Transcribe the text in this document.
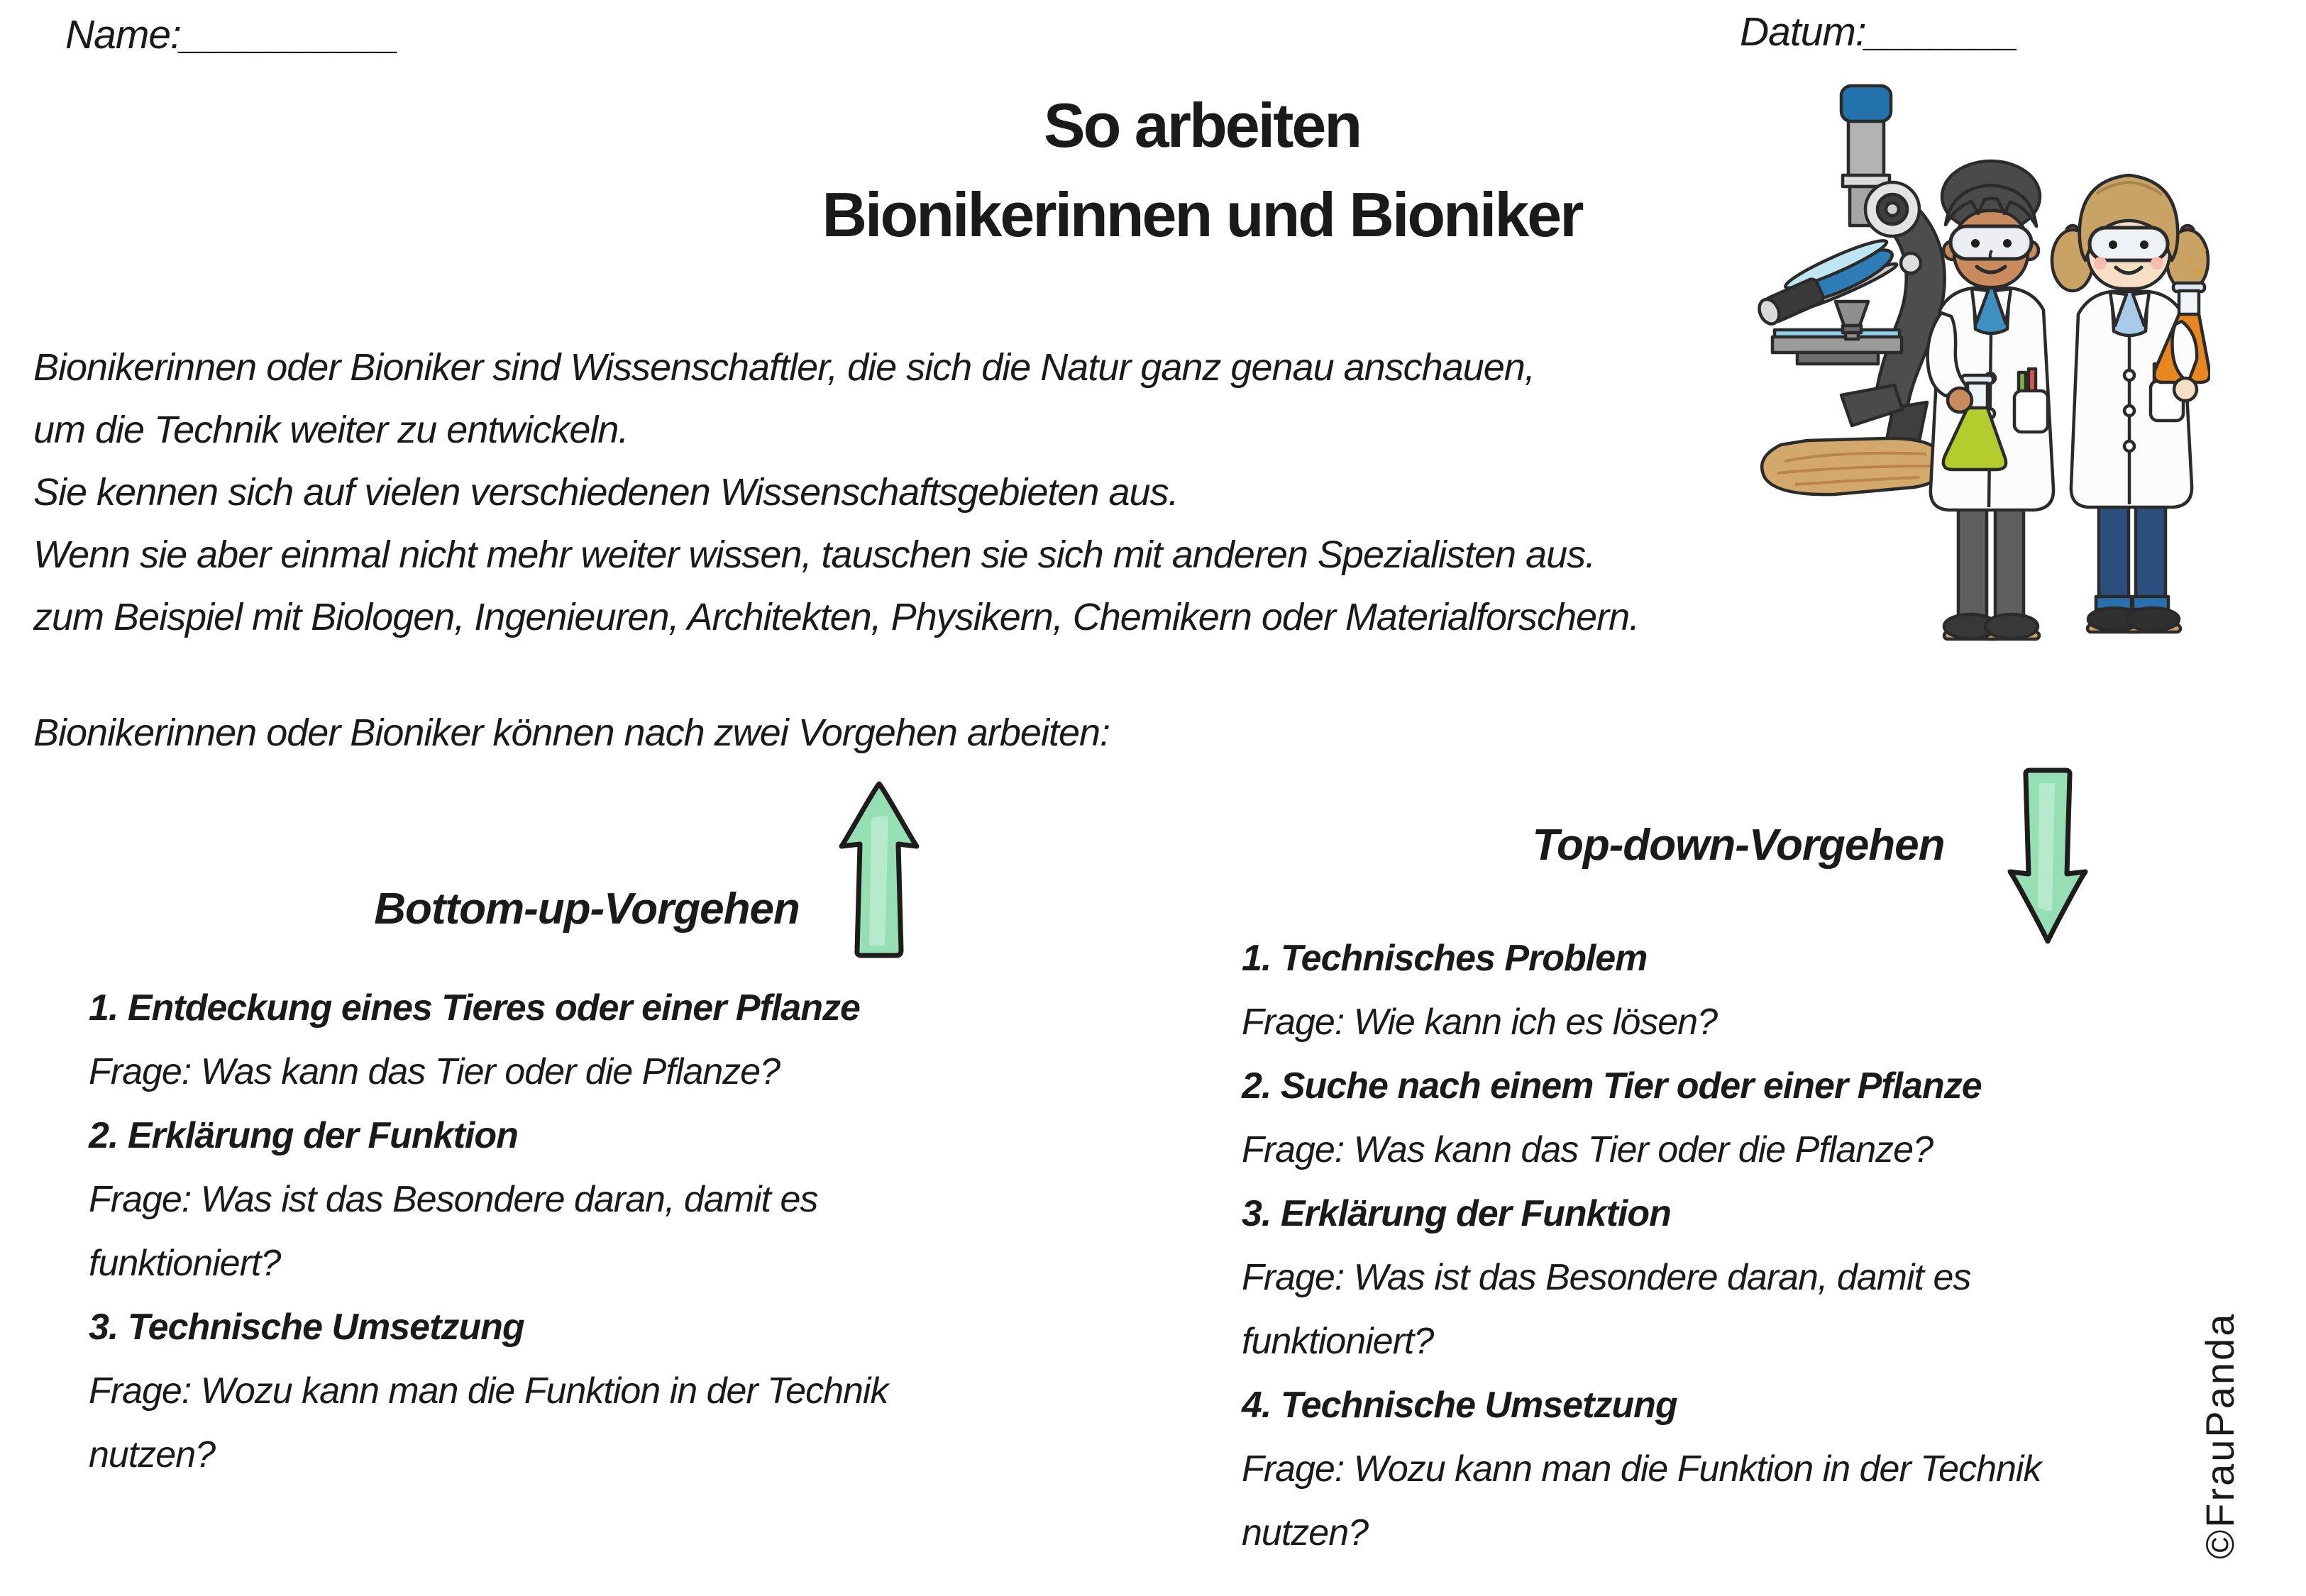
Name:__________	Datum:_______
So arbeiten
Bionikerinnen und Bioniker
Bionikerinnen oder Bioniker sind Wissenschaftler, die sich die Natur ganz genau anschauen,
um die Technik weiter zu entwickeln.
Sie kennen sich auf vielen verschiedenen Wissenschaftsgebieten aus.
Wenn sie aber einmal nicht mehr weiter wissen, tauschen sie sich mit anderen Spezialisten aus.
zum Beispiel mit Biologen, Ingenieuren, Architekten, Physikern, Chemikern oder Materialforschern.
Bionikerinnen oder Bioniker können nach zwei Vorgehen arbeiten:
Bottom-up-Vorgehen
1. Entdeckung eines Tieres oder einer Pflanze
Frage: Was kann das Tier oder die Pflanze?
2. Erklärung der Funktion
Frage: Was ist das Besondere daran, damit es
funktioniert?
3. Technische Umsetzung
Frage: Wozu kann man die Funktion in der Technik
nutzen?
Top-down-Vorgehen
1. Technisches Problem
Frage: Wie kann ich es lösen?
2. Suche nach einem Tier oder einer Pflanze
Frage: Was kann das Tier oder die Pflanze?
3. Erklärung der Funktion
Frage: Was ist das Besondere daran, damit es
funktioniert?
4. Technische Umsetzung
Frage: Wozu kann man die Funktion in der Technik
nutzen?	©FrauPanda
